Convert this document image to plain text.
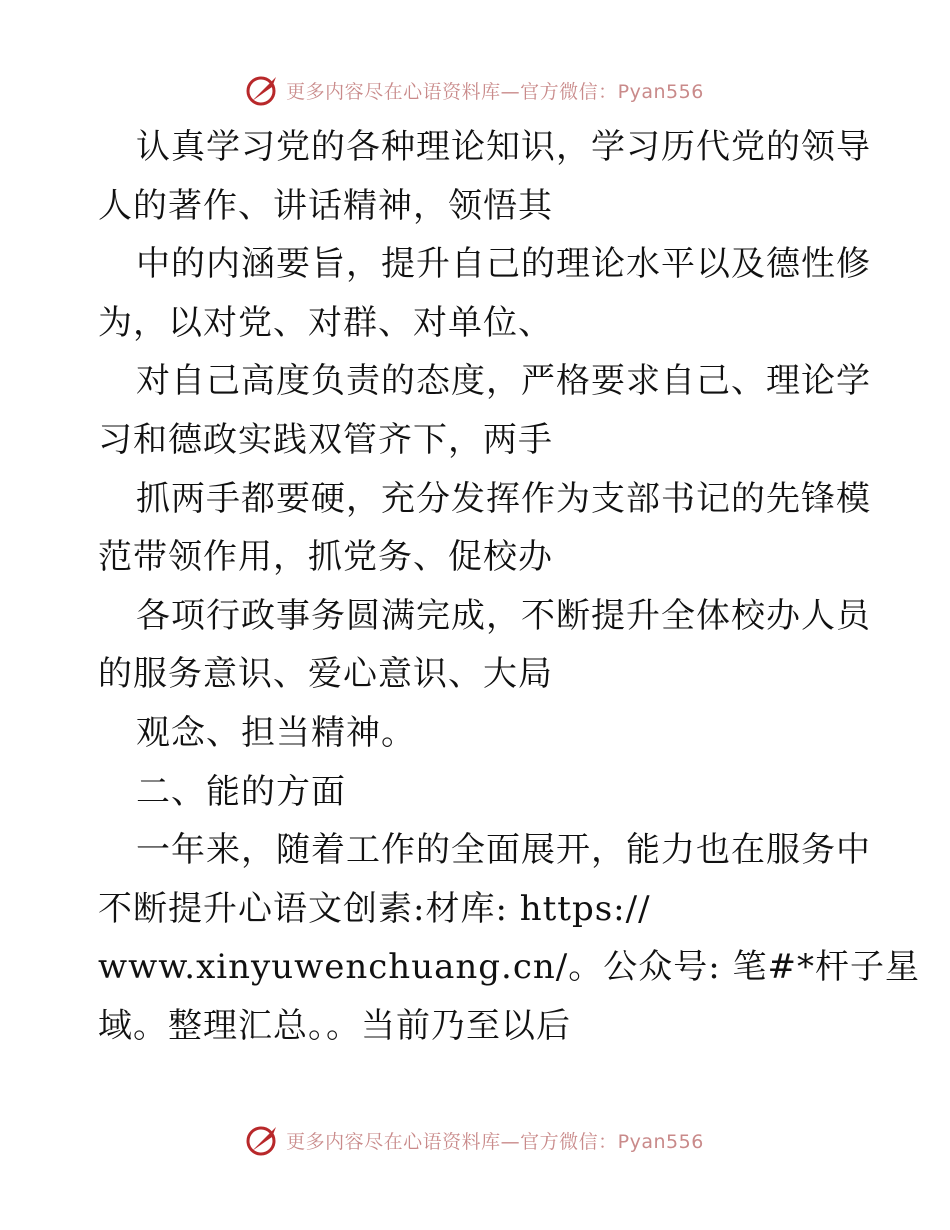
更多内容尽在心语资料库—官方微信：Pyan556
认真学习党的各种理论知识，学习历代党的领导
人的著作、讲话精神，领悟其
中的内涵要旨，提升自己的理论水平以及德性修
为，以对党、对群、对单位、
对自己高度负责的态度，严格要求自己、理论学
习和德政实践双管齐下，两手
抓两手都要硬，充分发挥作为支部书记的先锋模
范带领作用，抓党务、促校办
各项行政事务圆满完成，不断提升全体校办人员
的服务意识、爱心意识、大局
观念、担当精神。
二、能的方面
一年来，随着工作的全面展开，能力也在服务中
不断提升心语文创素:材库: https://
www.xinyuwenchuang.cn/。公众号: 笔#*杆子星
域。整理汇总。。当前乃至以后
更多内容尽在心语资料库—官方微信：Pyan556
